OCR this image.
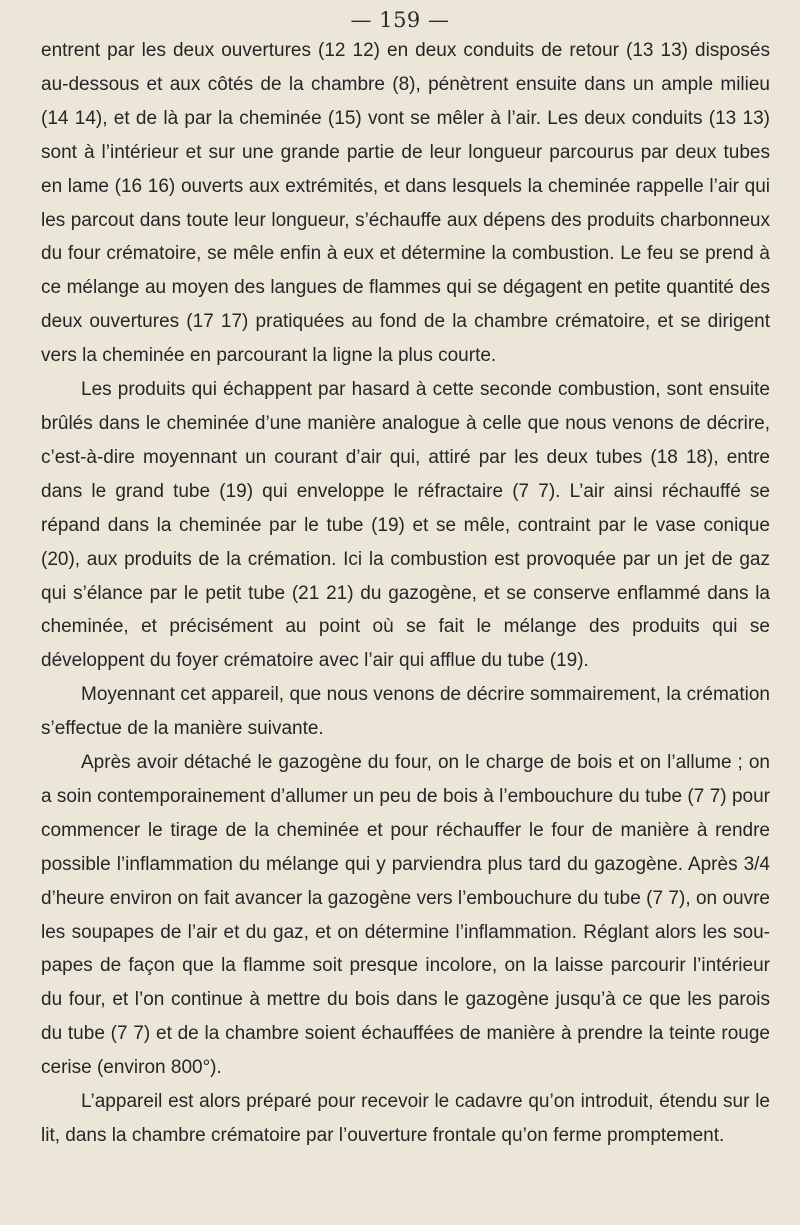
— 159 —

entrent par les deux ouvertures (12 12) en deux conduits de retour (13 13) disposés au-dessous et aux côtés de la chambre (8), pénètrent ensuite dans un ample milieu (14 14), et de là par la cheminée (15) vont se mêler à l’air. Les deux conduits (13 13) sont à l’intérieur et sur une grande partie de leur longueur parcourus par deux tubes en lame (16 16) ouverts aux extrémités, et dans lesquels la cheminée rappelle l’air qui les parcout dans toute leur longueur, s’échauffe aux dépens des produits charbonneux du four crématoire, se mêle enfin à eux et détermine la combustion. Le feu se prend à ce mélange au moyen des langues de flammes qui se dégagent en petite quantité des deux ouvertures (17 17) pratiquées au fond de la chambre crématoire, et se dirigent vers la cheminée en parcourant la ligne la plus courte.

Les produits qui échappent par hasard à cette seconde combustion, sont ensuite brûlés dans le cheminée d’une manière analogue à celle que nous venons de décrire, c’est-à-dire moyennant un courant d’air qui, attiré par les deux tubes (18 18), entre dans le grand tube (19) qui enveloppe le réfractaire (7 7). L’air ainsi réchauffé se répand dans la cheminée par le tube (19) et se mêle, contraint par le vase conique (20), aux produits de la crémation. Ici la combustion est provoquée par un jet de gaz qui s’élance par le petit tube (21 21) du gazogène, et se conserve enflammé dans la cheminée, et précisément au point où se fait le mélange des produits qui se développent du foyer crématoire avec l’air qui afflue du tube (19).

Moyennant cet appareil, que nous venons de décrire sommairement, la crémation s’effectue de la manière suivante.

Après avoir détaché le gazogène du four, on le charge de bois et on l’allume ; on a soin contemporainement d’allumer un peu de bois à l’embouchure du tube (7 7) pour commencer le tirage de la cheminée et pour réchauffer le four de manière à rendre possible l’inflammation du mélange qui y parviendra plus tard du gazogène. Après 3/4 d’heure environ on fait avancer la gazogène vers l’embouchure du tube (7 7), on ouvre les soupapes de l’air et du gaz, et on détermine l’inflammation. Réglant alors les soupapes de façon que la flamme soit presque incolore, on la laisse parcourir l’intérieur du four, et l’on continue à mettre du bois dans le gazogène jusqu’à ce que les parois du tube (7 7) et de la chambre soient échauffées de manière à prendre la teinte rouge cerise (environ 800°).

L’appareil est alors préparé pour recevoir le cadavre qu’on introduit, étendu sur le lit, dans la chambre crématoire par l’ouverture frontale qu’on ferme promptement.
